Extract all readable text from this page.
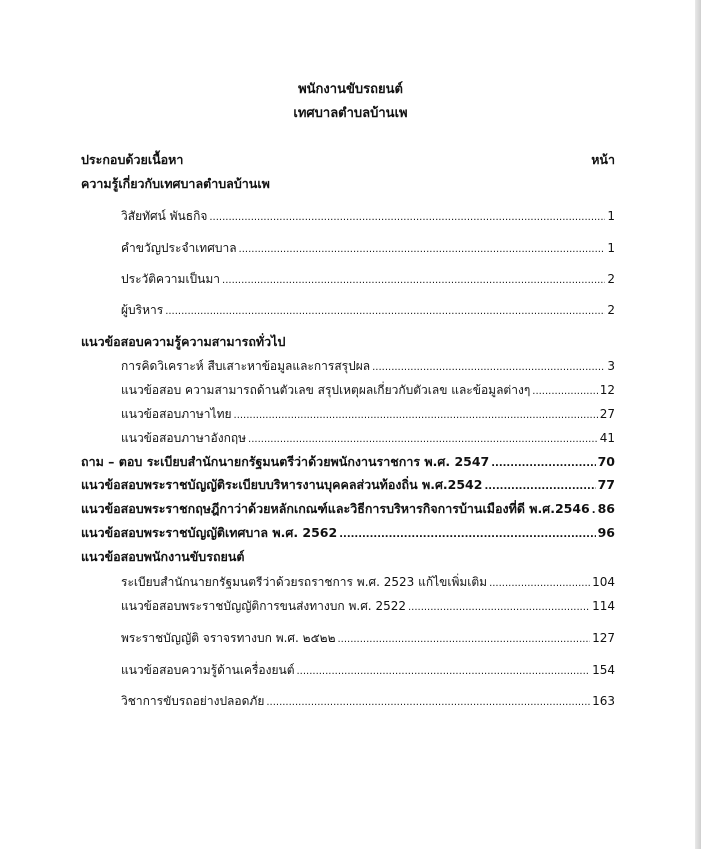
พนักงานขับรถยนต์
เทศบาลตำบลบ้านเพ
ประกอบด้วยเนื้อหา	หน้า
ความรู้เกี่ยวกับเทศบาลตำบลบ้านเพ
วิสัยทัศน์ พันธกิจ .....	1
คำขวัญประจำเทศบาล .....	1
ประวัติความเป็นมา .....	2
ผู้บริหาร .....	2
แนวข้อสอบความรู้ความสามารถทั่วไป
การคิดวิเคราะห์ สืบเสาะหาข้อมูลและการสรุปผล .....	3
แนวข้อสอบ ความสามารถด้านตัวเลข สรุปเหตุผลเกี่ยวกับตัวเลข และข้อมูลต่างๆ .....	12
แนวข้อสอบภาษาไทย .....	27
แนวข้อสอบภาษาอังกฤษ .....	41
ถาม – ตอบ ระเบียบสำนักนายกรัฐมนตรีว่าด้วยพนักงานราชการ พ.ศ. 2547 .....	70
แนวข้อสอบพระราชบัญญัติระเบียบบริหารงานบุคคลส่วนท้องถิ่น พ.ศ.2542 .....	77
แนวข้อสอบพระราชกฤษฎีกาว่าด้วยหลักเกณฑ์และวิธีการบริหารกิจการบ้านเมืองที่ดี พ.ศ.2546 ..... 86
แนวข้อสอบพระราชบัญญัติเทศบาล พ.ศ. 2562 .....	96
แนวข้อสอบพนักงานขับรถยนต์
ระเบียบสำนักนายกรัฐมนตรีว่าด้วยรถราชการ พ.ศ. 2523 แก้ไขเพิ่มเติม .....	104
แนวข้อสอบพระราชบัญญัติการขนส่งทางบก พ.ศ. 2522 .....	114
พระราชบัญญัติ จราจรทางบก พ.ศ. ๒๕๒๒ .....	127
แนวข้อสอบความรู้ด้านเครื่องยนต์ .....	154
วิชาการขับรถอย่างปลอดภัย .....	163
